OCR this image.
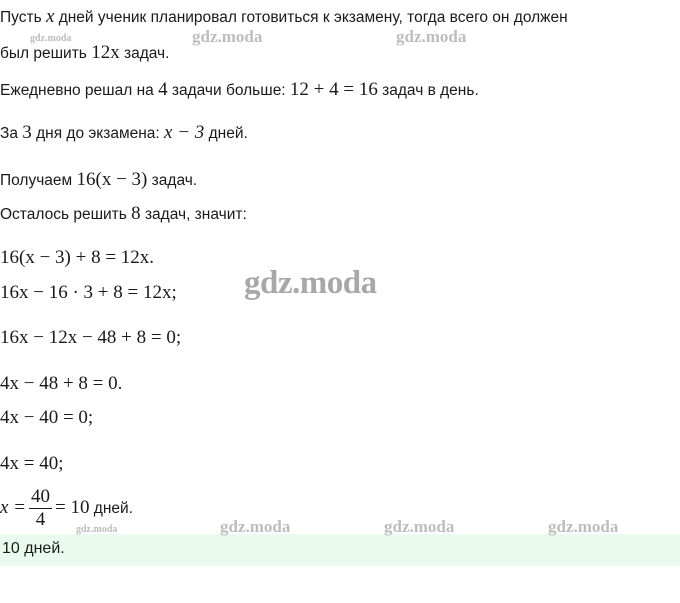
Пусть x дней ученик планировал готовиться к экзамену, тогда всего он должен
был решить 12x задач.
Ежедневно решал на 4 задачи больше: 12 + 4 = 16 задач в день.
За 3 дня до экзамена: x − 3 дней.
Получаем 16(x − 3) задач.
Осталось решить 8 задач, значит:
16(x − 3) + 8 = 12x.
16x − 16 · 3 + 8 = 12x;
16x − 12x − 48 + 8 = 0;
4x − 48 + 8 = 0.
4x − 40 = 0;
4x = 40;
$x = \frac{40}{4} = 10$ дней.
10 дней.
gdz.moda	gdz.moda	gdz.moda
gdz.moda
gdz.moda	gdz.moda	gdz.moda	gdz.moda
